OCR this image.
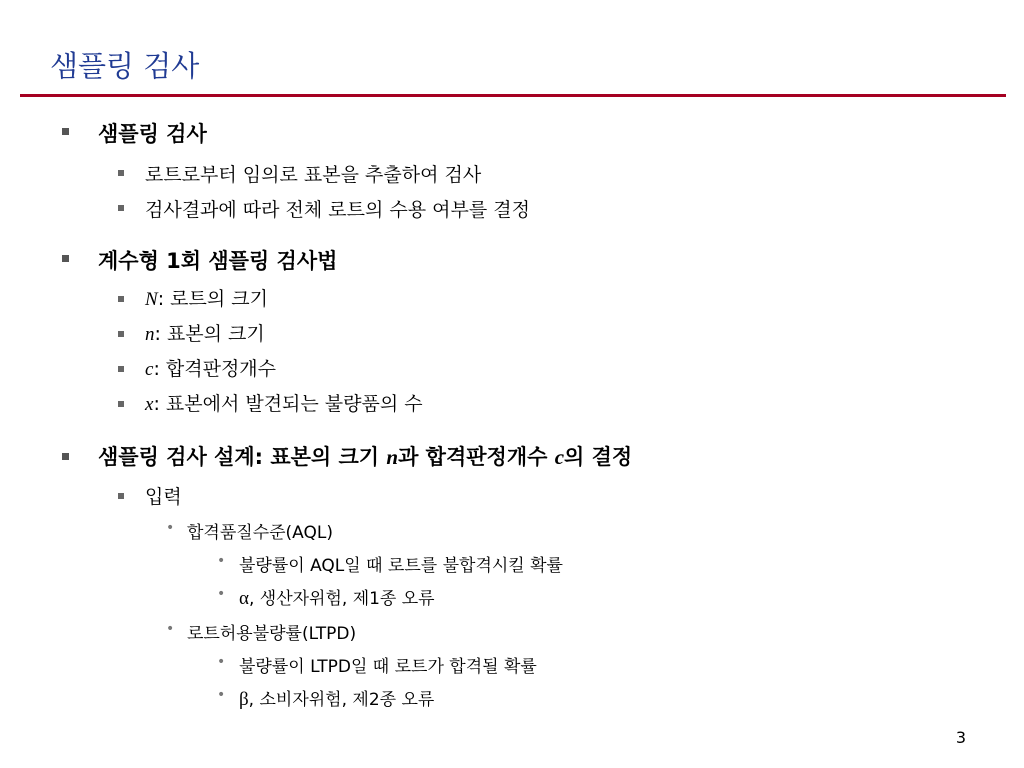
샘플링 검사
샘플링 검사
로트로부터 임의로 표본을 추출하여 검사
검사결과에 따라 전체 로트의 수용 여부를 결정
계수형 1회 샘플링 검사법
N: 로트의 크기
n: 표본의 크기
c: 합격판정개수
x: 표본에서 발견되는 불량품의 수
샘플링 검사 설계: 표본의 크기 n과 합격판정개수 c의 결정
입력
• 합격품질수준(AQL)
• 불량률이 AQL일 때 로트를 불합격시킬 확률
• α, 생산자위험, 제1종 오류
• 로트허용불량률(LTPD)
• 불량률이 LTPD일 때 로트가 합격될 확률
• β, 소비자위험, 제2종 오류
3
